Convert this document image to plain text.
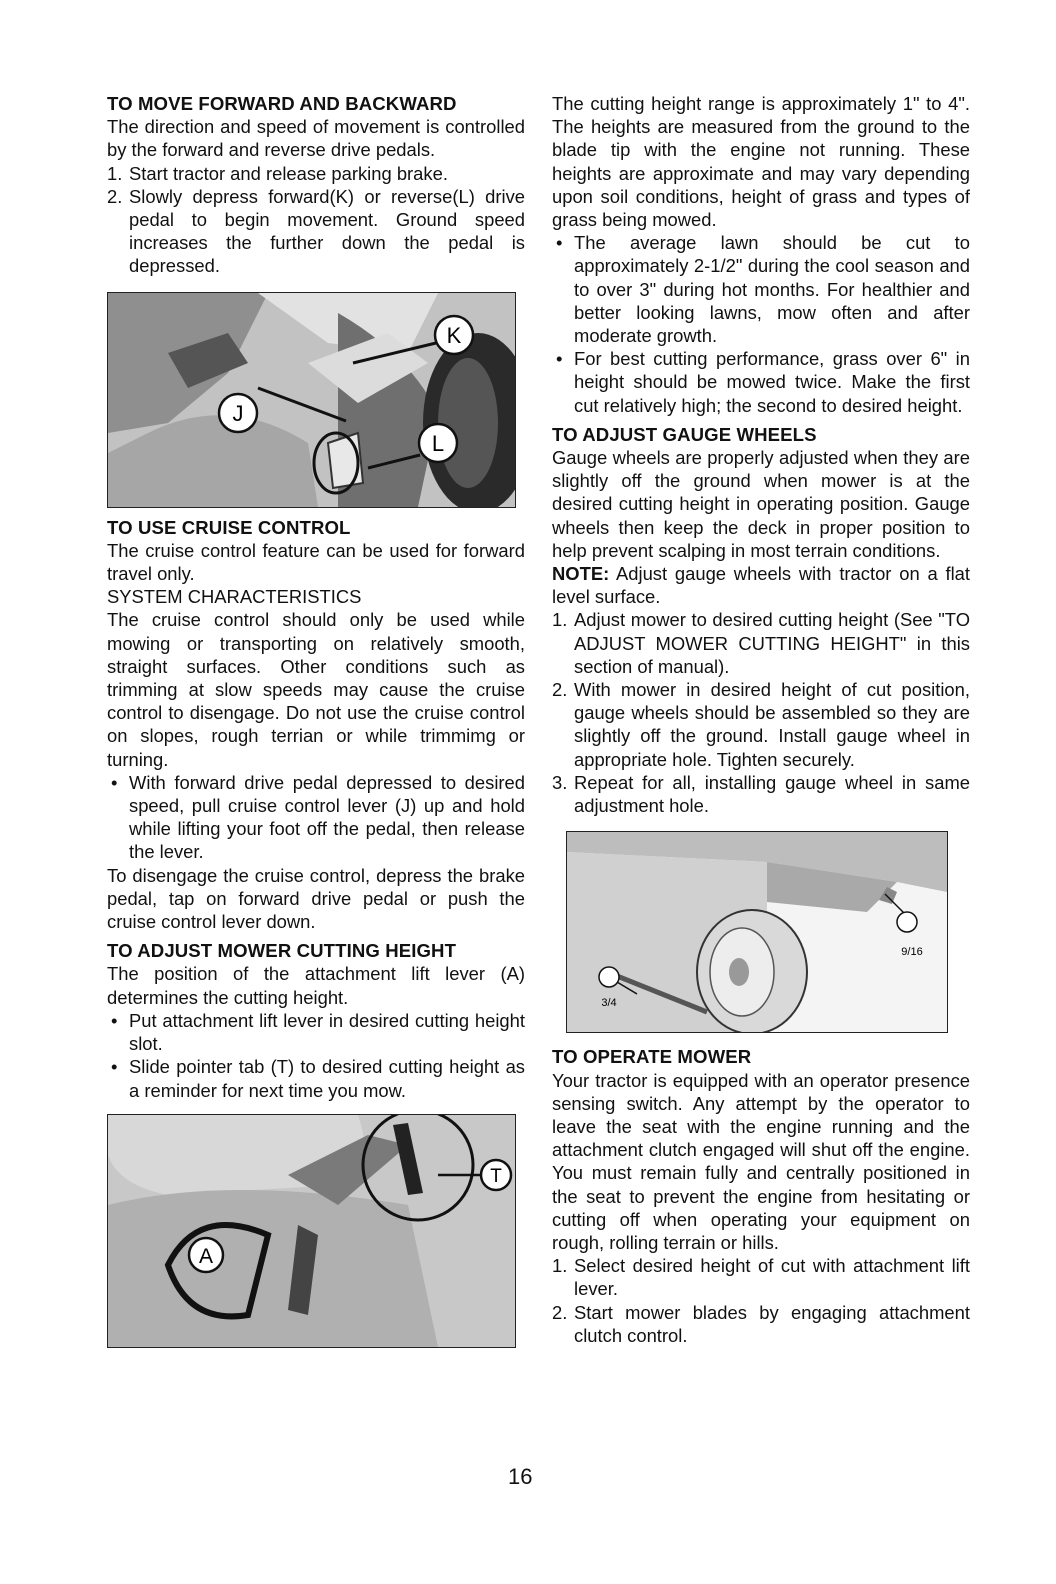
TO MOVE FORWARD AND BACKWARD

The direction and speed of movement is controlled by the forward and reverse drive pedals.

1. Start tractor and release parking brake.
2. Slowly depress forward(K) or reverse(L) drive pedal to begin movement. Ground speed increases the further down the pedal is depressed.
K
J
L
TO USE CRUISE CONTROL

The cruise control feature can be used for forward travel only.

SYSTEM CHARACTERISTICS

The cruise control should only be used while mowing or transporting on relatively smooth, straight surfaces. Other conditions such as trimming at slow speeds may cause the cruise control to disengage. Do not use the cruise control on slopes, rough terrian or while trimmimg or turning.

• With forward drive pedal depressed to desired speed, pull cruise control lever (J) up and hold while lifting your foot off the pedal, then release the lever.

To disengage the cruise control, depress the brake pedal, tap on forward drive pedal or push the cruise control lever down.

TO ADJUST MOWER CUTTING HEIGHT

The position of the attachment lift lever (A) determines the cutting height.

• Put attachment lift lever in desired cutting height slot.
• Slide pointer tab (T) to desired cutting height as a reminder for next time you mow.
T
A

The cutting height range is approximately 1" to 4". The heights are measured from the ground to the blade tip with the engine not running. These heights are approximate and may vary depending upon soil conditions, height of grass and types of grass being mowed.

• The average lawn should be cut to approximately 2-1/2" during the cool season and to over 3" during hot months. For healthier and better looking lawns, mow often and after moderate growth.
• For best cutting performance, grass over 6" in height should be mowed twice. Make the first cut relatively high; the second to desired height.
TO ADJUST GAUGE WHEELS

Gauge wheels are properly adjusted when they are slightly off the ground when mower is at the desired cutting height in operating position. Gauge wheels then keep the deck in proper position to help prevent scalping in most terrain conditions.

NOTE: Adjust gauge wheels with tractor on a flat level surface.

1. Adjust mower to desired cutting height (See "TO ADJUST MOWER CUTTING HEIGHT" in this section of manual).
2. With mower in desired height of cut position, gauge wheels should be assembled so they are slightly off the ground. Install gauge wheel in appropriate hole. Tighten securely.
3. Repeat for all, installing gauge wheel in same adjustment hole.
9/16
3/4
TO OPERATE MOWER

Your tractor is equipped with an operator presence sensing switch. Any attempt by the operator to leave the seat with the engine running and the attachment clutch engaged will shut off the engine. You must remain fully and centrally positioned in the seat to prevent the engine from hesitating or cutting off when operating your equipment on rough, rolling terrain or hills.

1. Select desired height of cut with attachment lift lever.
2. Start mower blades by engaging attachment clutch control.
16
